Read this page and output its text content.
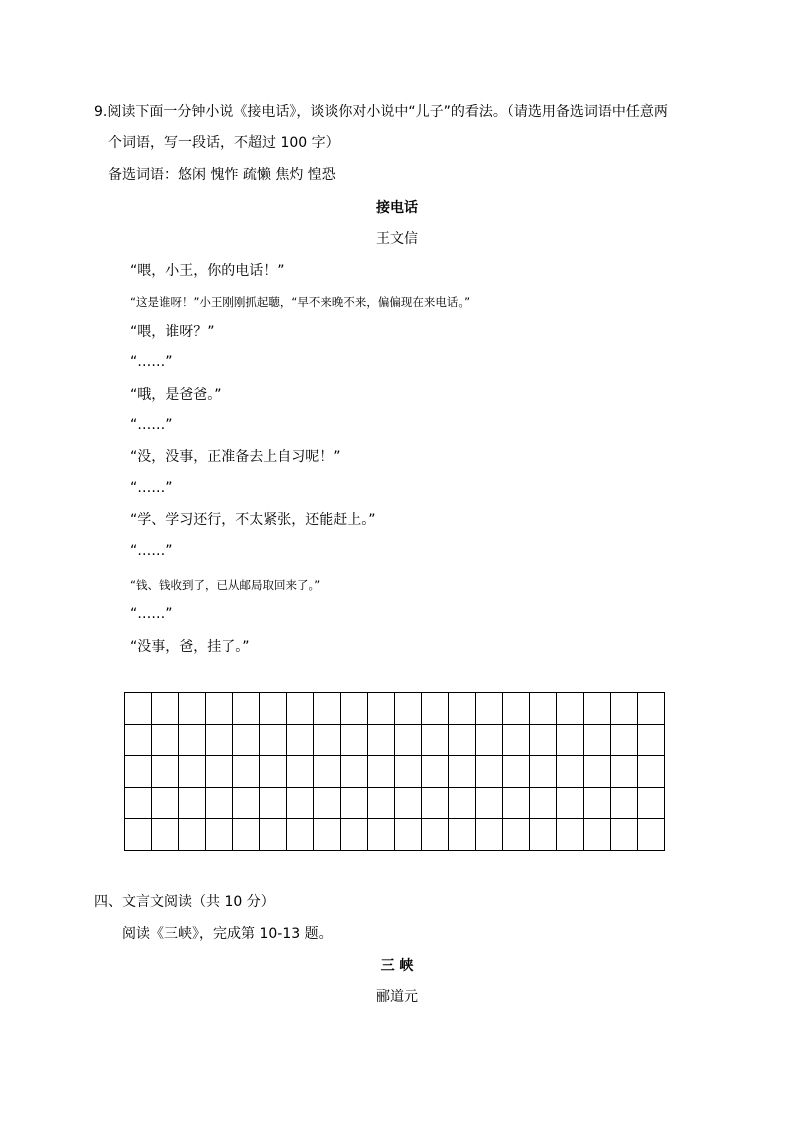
9.阅读下面一分钟小说《接电话》，谈谈你对小说中“儿子”的看法。（请选用备选词语中任意两
个词语，写一段话，不超过 100 字）
备选词语：悠闲 愧怍 疏懒 焦灼 惶恐
接电话
王文信
“喂，小王，你的电话！”
“这是谁呀！”小王刚刚抓起聴，“早不来晚不来，偏偏现在来电话。”
“喂，谁呀？”
“……”
“哦，是爸爸。”
“……”
“没，没事，正准备去上自习呢！”
“……”
“学、学习还行，不太紧张，还能赶上。”
“……”
“钱、钱收到了，已从邮局取回来了。”
“……”
“没事，爸，挂了。”

四、文言文阅读（共 10 分）
阅读《三峡》，完成第 10-13 题。
三 峡
郦道元
